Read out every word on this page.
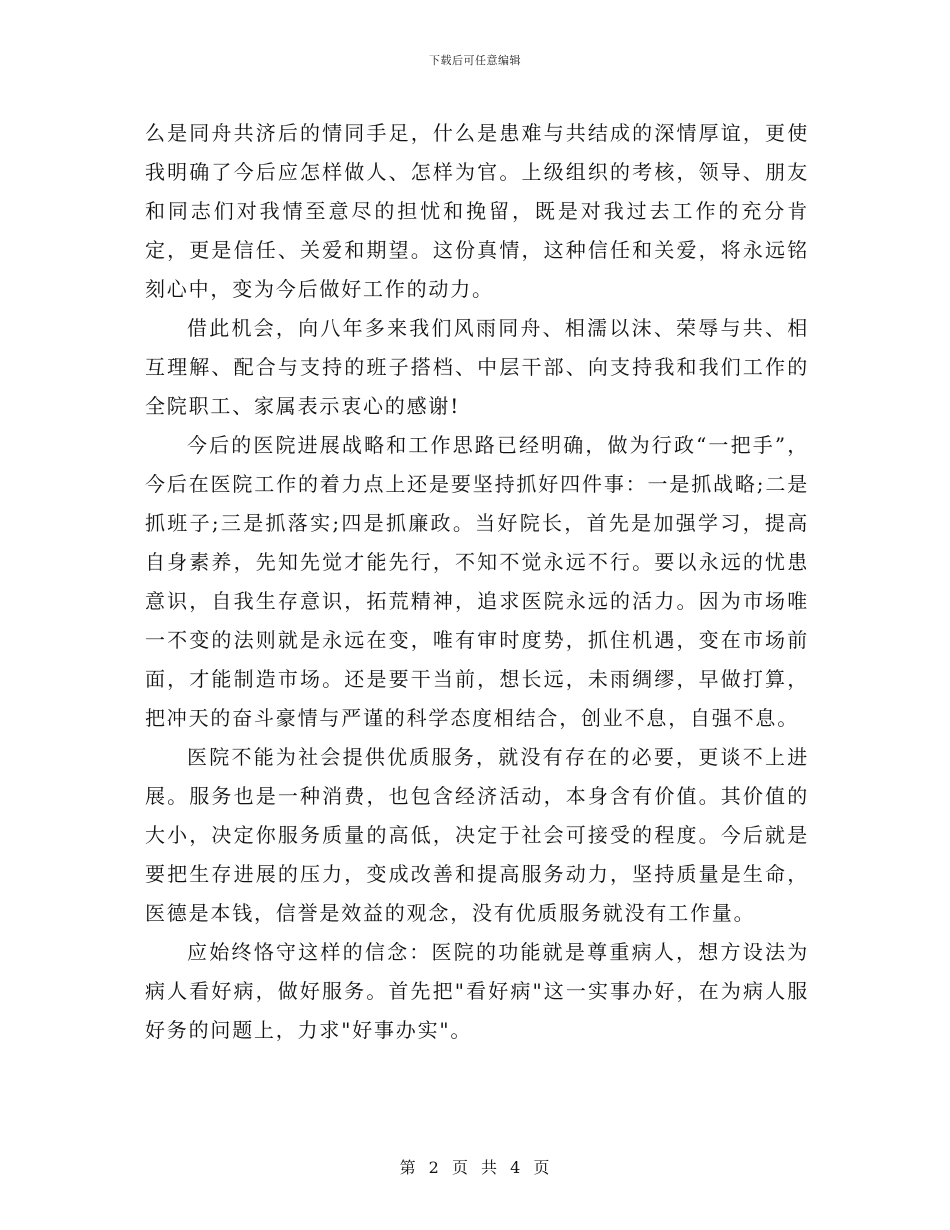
下载后可任意编辑

么是同舟共济后的情同手足，什么是患难与共结成的深情厚谊，更使我明确了今后应怎样做人、怎样为官。上级组织的考核，领导、朋友和同志们对我情至意尽的担忧和挽留，既是对我过去工作的充分肯定，更是信任、关爱和期望。这份真情，这种信任和关爱，将永远铭刻心中，变为今后做好工作的动力。

借此机会，向八年多来我们风雨同舟、相濡以沫、荣辱与共、相互理解、配合与支持的班子搭档、中层干部、向支持我和我们工作的全院职工、家属表示衷心的感谢!

今后的医院进展战略和工作思路已经明确，做为行政“一把手”，今后在医院工作的着力点上还是要坚持抓好四件事：一是抓战略;二是抓班子;三是抓落实;四是抓廉政。当好院长，首先是加强学习，提高自身素养，先知先觉才能先行，不知不觉永远不行。要以永远的忧患意识，自我生存意识，拓荒精神，追求医院永远的活力。因为市场唯一不变的法则就是永远在变，唯有审时度势，抓住机遇，变在市场前面，才能制造市场。还是要干当前，想长远，未雨绸缪，早做打算，把冲天的奋斗豪情与严谨的科学态度相结合，创业不息，自强不息。

医院不能为社会提供优质服务，就没有存在的必要，更谈不上进展。服务也是一种消费，也包含经济活动，本身含有价值。其价值的大小，决定你服务质量的高低，决定于社会可接受的程度。今后就是要把生存进展的压力，变成改善和提高服务动力，坚持质量是生命，医德是本钱，信誉是效益的观念，没有优质服务就没有工作量。

应始终恪守这样的信念：医院的功能就是尊重病人，想方设法为病人看好病，做好服务。首先把"看好病"这一实事办好，在为病人服好务的问题上，力求"好事办实"。

第 2 页 共 4 页
